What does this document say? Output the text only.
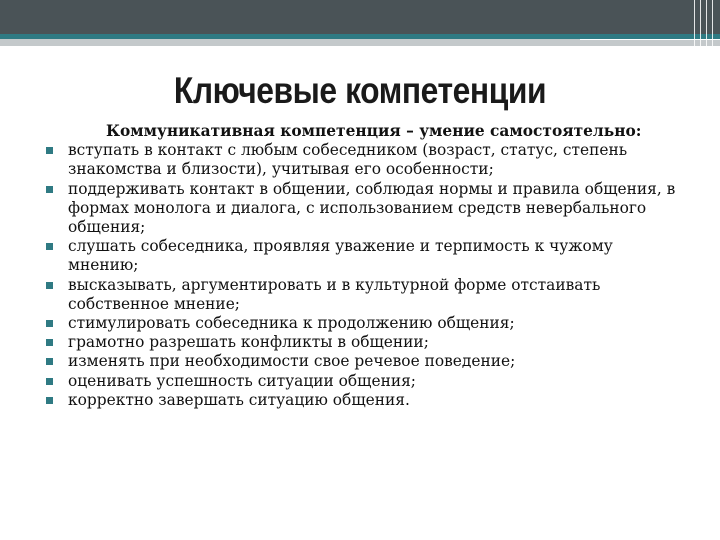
Ключевые компетенции
Коммуникативная компетенция – умение самостоятельно:
вступать в контакт с любым собеседником (возраст, статус, степень знакомства и близости), учитывая его особенности;
поддерживать контакт в общении, соблюдая нормы и правила общения, в формах монолога и диалога, с использованием средств невербального общения;
слушать собеседника, проявляя уважение и терпимость к чужому мнению;
высказывать, аргументировать и в культурной форме отстаивать собственное мнение;
стимулировать собеседника к продолжению общения;
грамотно разрешать конфликты в общении;
изменять при необходимости свое речевое поведение;
оценивать успешность ситуации общения;
корректно завершать ситуацию общения.
